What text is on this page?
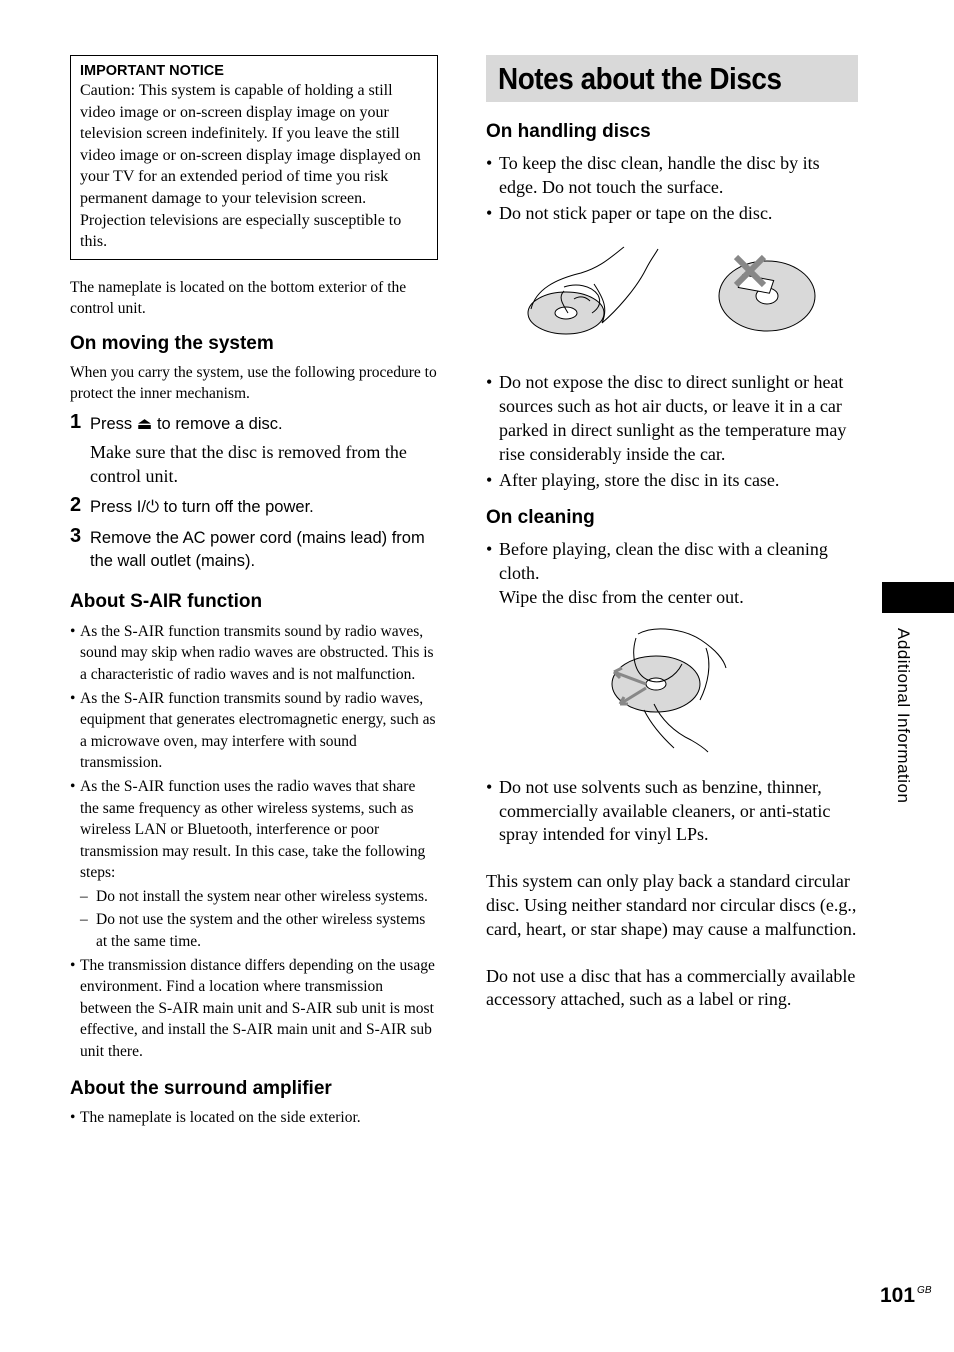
IMPORTANT NOTICE
Caution: This system is capable of holding a still video image or on-screen display image on your television screen indefinitely. If you leave the still video image or on-screen display image displayed on your TV for an extended period of time you risk permanent damage to your television screen. Projection televisions are especially susceptible to this.
The nameplate is located on the bottom exterior of the control unit.
On moving the system
When you carry the system, use the following procedure to protect the inner mechanism.
1 Press ⏏ to remove a disc.
Make sure that the disc is removed from the control unit.
2 Press I/⏻ to turn off the power.
3 Remove the AC power cord (mains lead) from the wall outlet (mains).
About S-AIR function
• As the S-AIR function transmits sound by radio waves, sound may skip when radio waves are obstructed. This is a characteristic of radio waves and is not malfunction.
• As the S-AIR function transmits sound by radio waves, equipment that generates electromagnetic energy, such as a microwave oven, may interfere with sound transmission.
• As the S-AIR function uses the radio waves that share the same frequency as other wireless systems, such as wireless LAN or Bluetooth, interference or poor transmission may result. In this case, take the following steps:
– Do not install the system near other wireless systems.
– Do not use the system and the other wireless systems at the same time.
• The transmission distance differs depending on the usage environment. Find a location where transmission between the S-AIR main unit and S-AIR sub unit is most effective, and install the S-AIR main unit and S-AIR sub unit there.
About the surround amplifier
• The nameplate is located on the side exterior.
Notes about the Discs
On handling discs
• To keep the disc clean, handle the disc by its edge. Do not touch the surface.
• Do not stick paper or tape on the disc.
• Do not expose the disc to direct sunlight or heat sources such as hot air ducts, or leave it in a car parked in direct sunlight as the temperature may rise considerably inside the car.
• After playing, store the disc in its case.
On cleaning
• Before playing, clean the disc with a cleaning cloth.
Wipe the disc from the center out.
• Do not use solvents such as benzine, thinner, commercially available cleaners, or anti-static spray intended for vinyl LPs.
This system can only play back a standard circular disc. Using neither standard nor circular discs (e.g., card, heart, or star shape) may cause a malfunction.
Do not use a disc that has a commercially available accessory attached, such as a label or ring.
Additional Information
101 $^{GB}$
